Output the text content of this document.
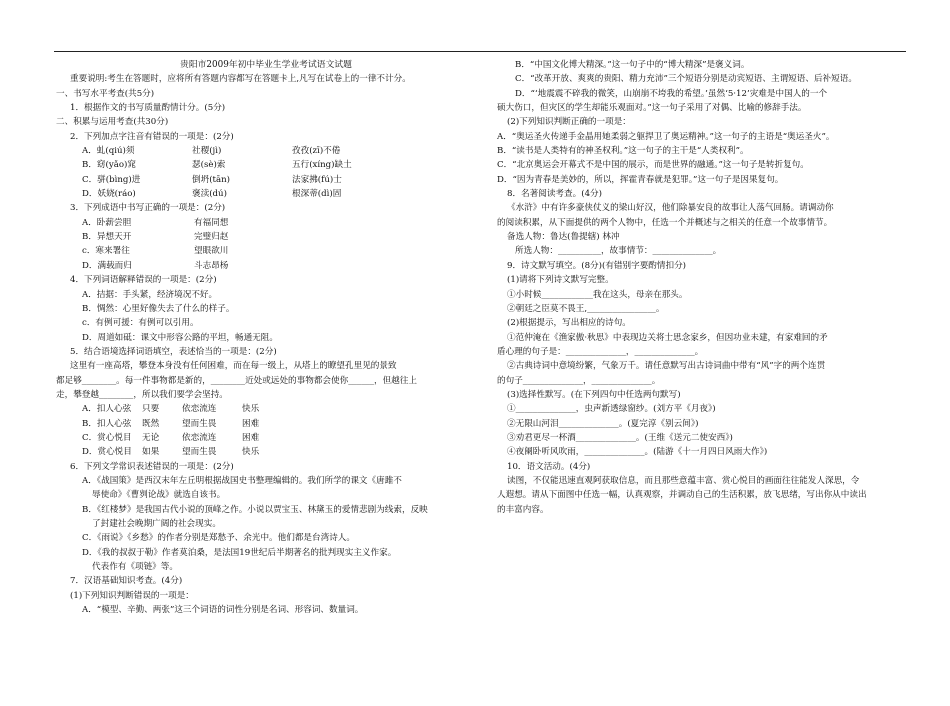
贵阳市2009年初中毕业生学业考试语文试题
重要说明:考生在答题时，应将所有答题内容都写在答题卡上,凡写在试卷上的一律不计分。
一、书写水平考查(共5分)
1．根据作文的书写质量酌情计分。(5分)
二、积累与运用考查(共30分)
2．下列加点字注音有错误的一项是：(2分)
A．虬(qiú)须	社稷(jì)	孜孜(zī)不倦
B．窈(yǎo)窕	瑟(sè)索	五行(xíng)缺土
C．骈(bìng)进	倒坍(tān)	法家拂(fú)士
D．妖娆(ráo)	褒渎(dú)	根深蒂(dì)固
3．下列成语中书写正确的一项是：(2分)
A．卧薪尝胆	有福同想
B．异想天开	完璧归赵
c．寒来署往	望眼欲川
D．满载而归	斗志昂杨
4．下列词语解释错误的一项是：(2分)
A．拮据：手头紧，经济境况不好。
B．惆然：心里好像失去了什么的样子。
c．有例可援：有例可以引用。
D．周道如砥：课文中形容公路的平坦，畅通无阻。
5．结合语境选择词语填空，表述恰当的一项是：(2分)
这里有一座高塔，攀登本身没有任何困难，而在每一级上，从塔上的瞭望孔里见的景致
都足够________。每一件事物都是新的，________近处或远处的事物都会使你______，但越往上
走，攀登越________，所以我们要学会坚持。
A．扣人心弦 只要	依恋流连	快乐
B．扣人心弦 既然	望而生畏	困难
C．赏心悦目 无论	依恋流连	困难
D．赏心悦目 如果	望而生畏	快乐
6．下列文学常识表述错误的一项是：(2分)
A．《战国策》是西汉末年左丘明根据战国史书整理编辑的。我们所学的课文《唐雎不
辱使命》《曹刿论战》就选自该书。
B．《红楼梦》是我国古代小说的顶峰之作。小说以贾宝玉、林黛玉的爱情悲剧为线索，反映
了封建社会晚期广阔的社会现实。
C．《雨说》《乡愁》的作者分别是郑愁予、余光中。他们都是台湾诗人。
D．《我的叔叔于勒》作者莫泊桑，是法国19世纪后半期著名的批判现实主义作家。
代表作有《项链》等。
7．汉语基础知识考查。(4分)
(1)下列知识判断错误的一项是：
A．“模型、辛勤、两张”这三个词语的词性分别是名词、形容词、数量词。
B．“中国文化博大精深。”这一句子中的“博大精深”是褒义词。
C．“改革开放、爽爽的贵阳、精力充沛”三个短语分别是动宾短语、主谓短语、后补短语。
D．“‘地震震不碎我的微笑，山崩崩不垮我的希望。’虽然‘5·12’灾难是中国人的一个
硕大伤口，但灾区的学生却能乐观面对。”这一句子采用了对偶、比喻的修辞手法。
(2)下列知识判断正确的一项是：
A．“奥运圣火传递手金晶用她柔弱之躯捍卫了奥运精神。”这一句子的主语是“奥运圣火”。
B．“读书是人类特有的神圣权利。”这一句子的主干是“人类权利”。
C．“北京奥运会开幕式不是中国的展示，而是世界的融通。”这一句子是转折复句。
D．“因为青春是美妙的，所以，挥霍青春就是犯罪。”这一句子是因果复句。
8．名著阅读考查。(4分)
《水浒》中有许多豪侠仗义的梁山好汉，他们除暴安良的故事让人荡气回肠。请调动你
的阅读积累，从下面提供的两个人物中，任选一个并概述与之相关的任意一个故事情节。
备选人物：鲁达(鲁提辖) 林冲
所选人物：__________，故事情节：______________。
9．诗文默写填空。(8分)(有错别字要酌情扣分)
(1)请将下列诗文默写完整。
①小时候____________我在这头，母亲在那头。
②朝廷之臣莫不畏王,________________。
(2)根据提示，写出相应的诗句。
①范仲淹在《渔家傲·秋思》中表现边关将士思念家乡，但因功业未建，有家难回的矛
盾心理的句子是：______________，______________。
②古典诗词中意境纷繁，气象万千。请任意默写出古诗词曲中带有“风”字的两个连贯
的句子______________，______________。
(3)选择性默写。(在下列四句中任选两句默写)
①______________，虫声新透绿窗纱。(刘方平《月夜》)
②无限山河泪______________。(夏完淳《别云间》)
③劝君更尽一杯酒______________。(王维《送元二使安西》)
④夜阑卧听风吹雨，______________。(陆游《十一月四日风雨大作》)
10．语文活动。(4分)
读图，不仅能迅速直观阿获取信息，而且那些意蕴丰富、赏心悦目的画面往往能发人深思，令
人遐想。请从下面图中任选一幅，认真观察，并调动自己的生活积累，放飞思绪，写出你从中读出
的丰富内容。
